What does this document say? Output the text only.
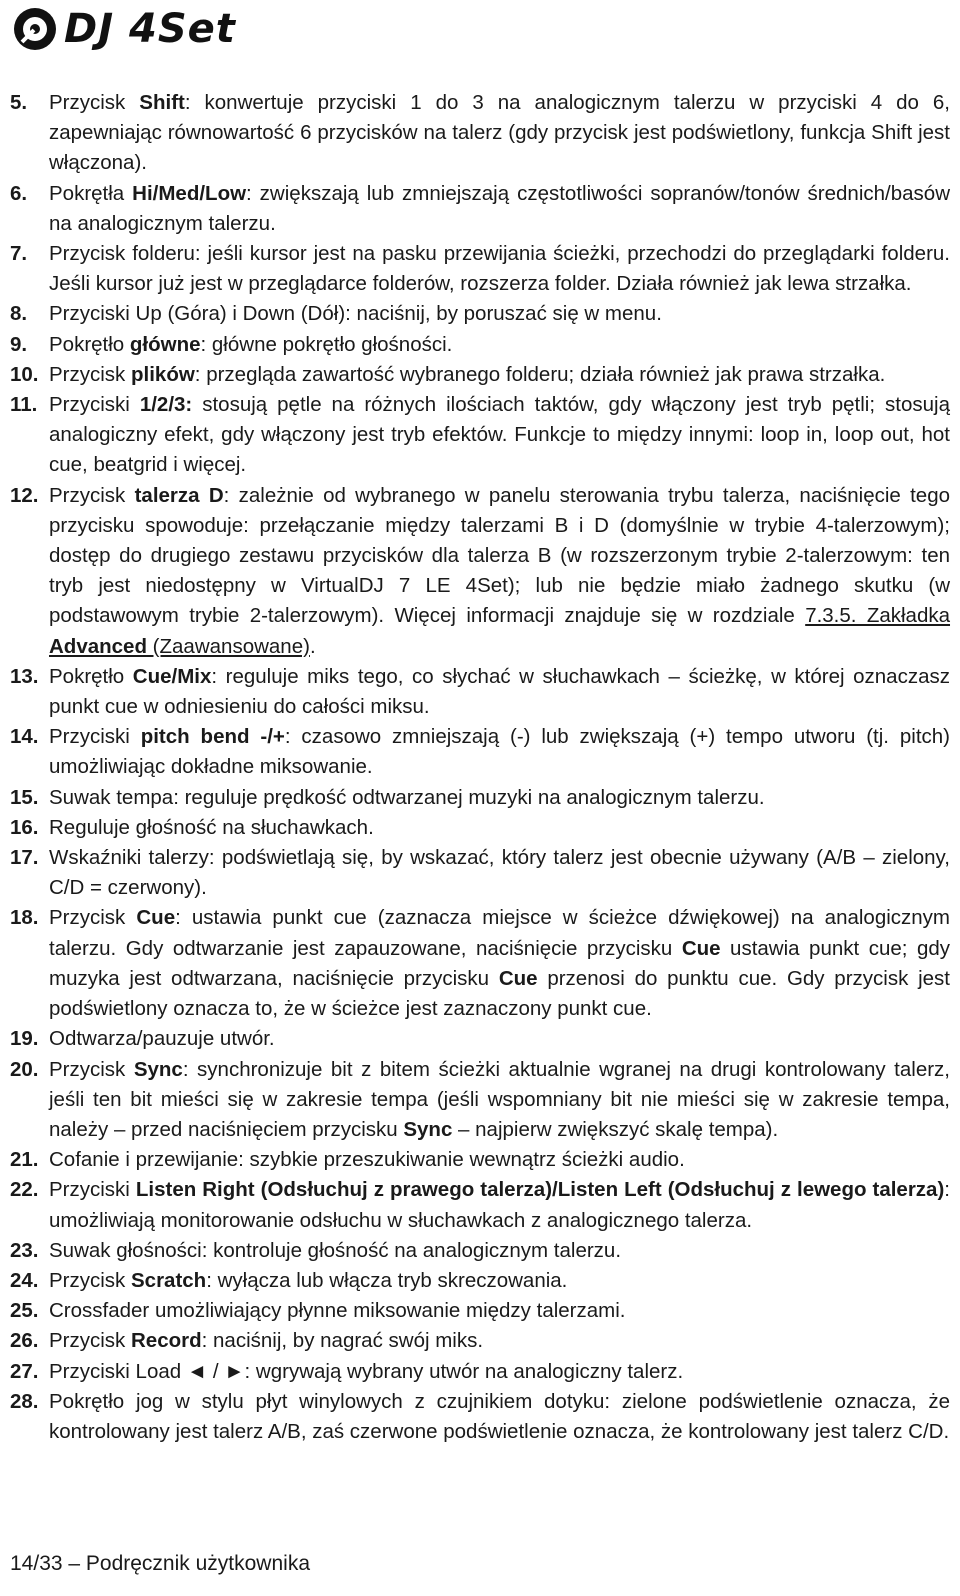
DJ 4Set
5.	Przycisk Shift: konwertuje przyciski 1 do 3 na analogicznym talerzu w przyciski 4 do 6, zapewniając równowartość 6 przycisków na talerz (gdy przycisk jest podświetlony, funkcja Shift jest włączona).
6.	Pokrętła Hi/Med/Low: zwiększają lub zmniejszają częstotliwości sopranów/tonów średnich/basów na analogicznym talerzu.
7.	Przycisk folderu: jeśli kursor jest na pasku przewijania ścieżki, przechodzi do przeglądarki folderu. Jeśli kursor już jest w przeglądarce folderów, rozszerza folder. Działa również jak lewa strzałka.
8.	Przyciski Up (Góra) i Down (Dół): naciśnij, by poruszać się w menu.
9.	Pokrętło główne: główne pokrętło głośności.
10. Przycisk plików: przegląda zawartość wybranego folderu; działa również jak prawa strzałka.
11. Przyciski 1/2/3: stosują pętle na różnych ilościach taktów, gdy włączony jest tryb pętli; stosują analogiczny efekt, gdy włączony jest tryb efektów. Funkcje to między innymi: loop in, loop out, hot cue, beatgrid i więcej.
12. Przycisk talerza D: zależnie od wybranego w panelu sterowania trybu talerza, naciśnięcie tego przycisku spowoduje: przełączanie między talerzami B i D (domyślnie w trybie 4-talerzowym); dostęp do drugiego zestawu przycisków dla talerza B (w rozszerzonym trybie 2-talerzowym: ten tryb jest niedostępny w VirtualDJ 7 LE 4Set); lub nie będzie miało żadnego skutku (w podstawowym trybie 2-talerzowym). Więcej informacji znajduje się w rozdziale 7.3.5. Zakładka Advanced (Zaawansowane).
13. Pokrętło Cue/Mix: reguluje miks tego, co słychać w słuchawkach – ścieżkę, w której oznaczasz punkt cue w odniesieniu do całości miksu.
14. Przyciski pitch bend -/+: czasowo zmniejszają (-) lub zwiększają (+) tempo utworu (tj. pitch) umożliwiając dokładne miksowanie.
15. Suwak tempa: reguluje prędkość odtwarzanej muzyki na analogicznym talerzu.
16. Reguluje głośność na słuchawkach.
17. Wskaźniki talerzy: podświetlają się, by wskazać, który talerz jest obecnie używany (A/B – zielony, C/D = czerwony).
18. Przycisk Cue: ustawia punkt cue (zaznacza miejsce w ścieżce dźwiękowej) na analogicznym talerzu. Gdy odtwarzanie jest zapauzowane, naciśnięcie przycisku Cue ustawia punkt cue; gdy muzyka jest odtwarzana, naciśnięcie przycisku Cue przenosi do punktu cue. Gdy przycisk jest podświetlony oznacza to, że w ścieżce jest zaznaczony punkt cue.
19. Odtwarza/pauzuje utwór.
20. Przycisk Sync: synchronizuje bit z bitem ścieżki aktualnie wgranej na drugi kontrolowany talerz, jeśli ten bit mieści się w zakresie tempa (jeśli wspomniany bit nie mieści się w zakresie tempa, należy – przed naciśnięciem przycisku Sync – najpierw zwiększyć skalę tempa).
21. Cofanie i przewijanie: szybkie przeszukiwanie wewnątrz ścieżki audio.
22. Przyciski Listen Right (Odsłuchuj z prawego talerza)/Listen Left (Odsłuchuj z lewego talerza): umożliwiają monitorowanie odsłuchu w słuchawkach z analogicznego talerza.
23. Suwak głośności: kontroluje głośność na analogicznym talerzu.
24. Przycisk Scratch: wyłącza lub włącza tryb skreczowania.
25. Crossfader umożliwiający płynne miksowanie między talerzami.
26. Przycisk Record: naciśnij, by nagrać swój miks.
27. Przyciski Load ◄ / ►: wgrywają wybrany utwór na analogiczny talerz.
28. Pokrętło jog w stylu płyt winylowych z czujnikiem dotyku: zielone podświetlenie oznacza, że kontrolowany jest talerz A/B, zaś czerwone podświetlenie oznacza, że kontrolowany jest talerz C/D.
14/33 – Podręcznik użytkownika
